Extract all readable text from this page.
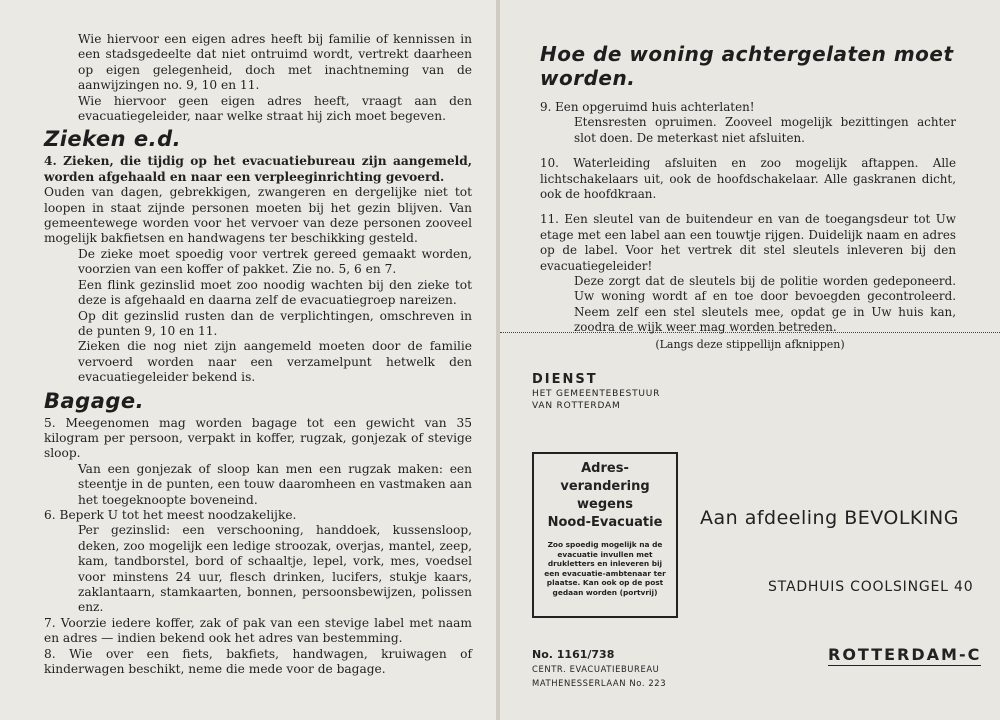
Wie hiervoor een eigen adres heeft bij familie of kennissen in een stadsgedeelte dat niet ontruimd wordt, vertrekt daarheen op eigen gelegenheid, doch met inachtneming van de aanwijzingen no. 9, 10 en 11.

Wie hiervoor geen eigen adres heeft, vraagt aan den evacuatiegeleider, naar welke straat hij zich moet begeven.

Zieken e.d.

4. Zieken, die tijdig op het evacuatiebureau zijn aangemeld, worden afgehaald en naar een verpleeginrichting gevoerd.

Ouden van dagen, gebrekkigen, zwangeren en dergelijke niet tot loopen in staat zijnde personen moeten bij het gezin blijven. Van gemeentewege worden voor het vervoer van deze personen zooveel mogelijk bakfietsen en handwagens ter beschikking gesteld.

De zieke moet spoedig voor vertrek gereed gemaakt worden, voorzien van een koffer of pakket. Zie no. 5, 6 en 7.

Een flink gezinslid moet zoo noodig wachten bij den zieke tot deze is afgehaald en daarna zelf de evacuatiegroep nareizen.

Op dit gezinslid rusten dan de verplichtingen, omschreven in de punten 9, 10 en 11.

Zieken die nog niet zijn aangemeld moeten door de familie vervoerd worden naar een verzamelpunt hetwelk den evacuatiegeleider bekend is.

Bagage.

5. Meegenomen mag worden bagage tot een gewicht van 35 kilogram per persoon, verpakt in koffer, rugzak, gonjezak of stevige sloop.

Van een gonjezak of sloop kan men een rugzak maken: een steentje in de punten, een touw daaromheen en vastmaken aan het toegeknoopte boveneind.

6. Beperk U tot het meest noodzakelijke.

Per gezinslid: een verschooning, handdoek, kussensloop, deken, zoo mogelijk een ledige stroozak, overjas, mantel, zeep, kam, tandborstel, bord of schaaltje, lepel, vork, mes, voedsel voor minstens 24 uur, flesch drinken, lucifers, stukje kaars, zaklantaarn, stamkaarten, bonnen, persoonsbewijzen, polissen enz.

7. Voorzie iedere koffer, zak of pak van een stevige label met naam en adres — indien bekend ook het adres van bestemming.

8. Wie over een fiets, bakfiets, handwagen, kruiwagen of kinderwagen beschikt, neme die mede voor de bagage.

Hoe de woning achtergelaten moet worden.

9. Een opgeruimd huis achterlaten!

Etensresten opruimen. Zooveel mogelijk bezittingen achter slot doen. De meterkast niet afsluiten.

10. Waterleiding afsluiten en zoo mogelijk aftappen. Alle lichtschakelaars uit, ook de hoofdschakelaar. Alle gaskranen dicht, ook de hoofdkraan.

11. Een sleutel van de buitendeur en van de toegangsdeur tot Uw etage met een label aan een touwtje rijgen. Duidelijk naam en adres op de label. Voor het vertrek dit stel sleutels inleveren bij den evacuatiegeleider!

Deze zorgt dat de sleutels bij de politie worden gedeponeerd. Uw woning wordt af en toe door bevoegden gecontroleerd. Neem zelf een stel sleutels mee, opdat ge in Uw huis kan, zoodra de wijk weer mag worden betreden.

(Langs deze stippellijn afknippen)
DIENST
HET GEMEENTEBESTUUR
VAN ROTTERDAM
Adres-
verandering
wegens
Nood-Evacuatie
Zoo spoedig mogelijk na de evacuatie invullen met drukletters en inleveren bij een evacuatie-ambtenaar ter plaatse. Kan ook op de post gedaan worden (portvrij)
Aan afdeeling BEVOLKING
STADHUIS COOLSINGEL 40
ROTTERDAM-C
No. 1161/738
CENTR. EVACUATIEBUREAU
MATHENESSERLAAN No. 223
